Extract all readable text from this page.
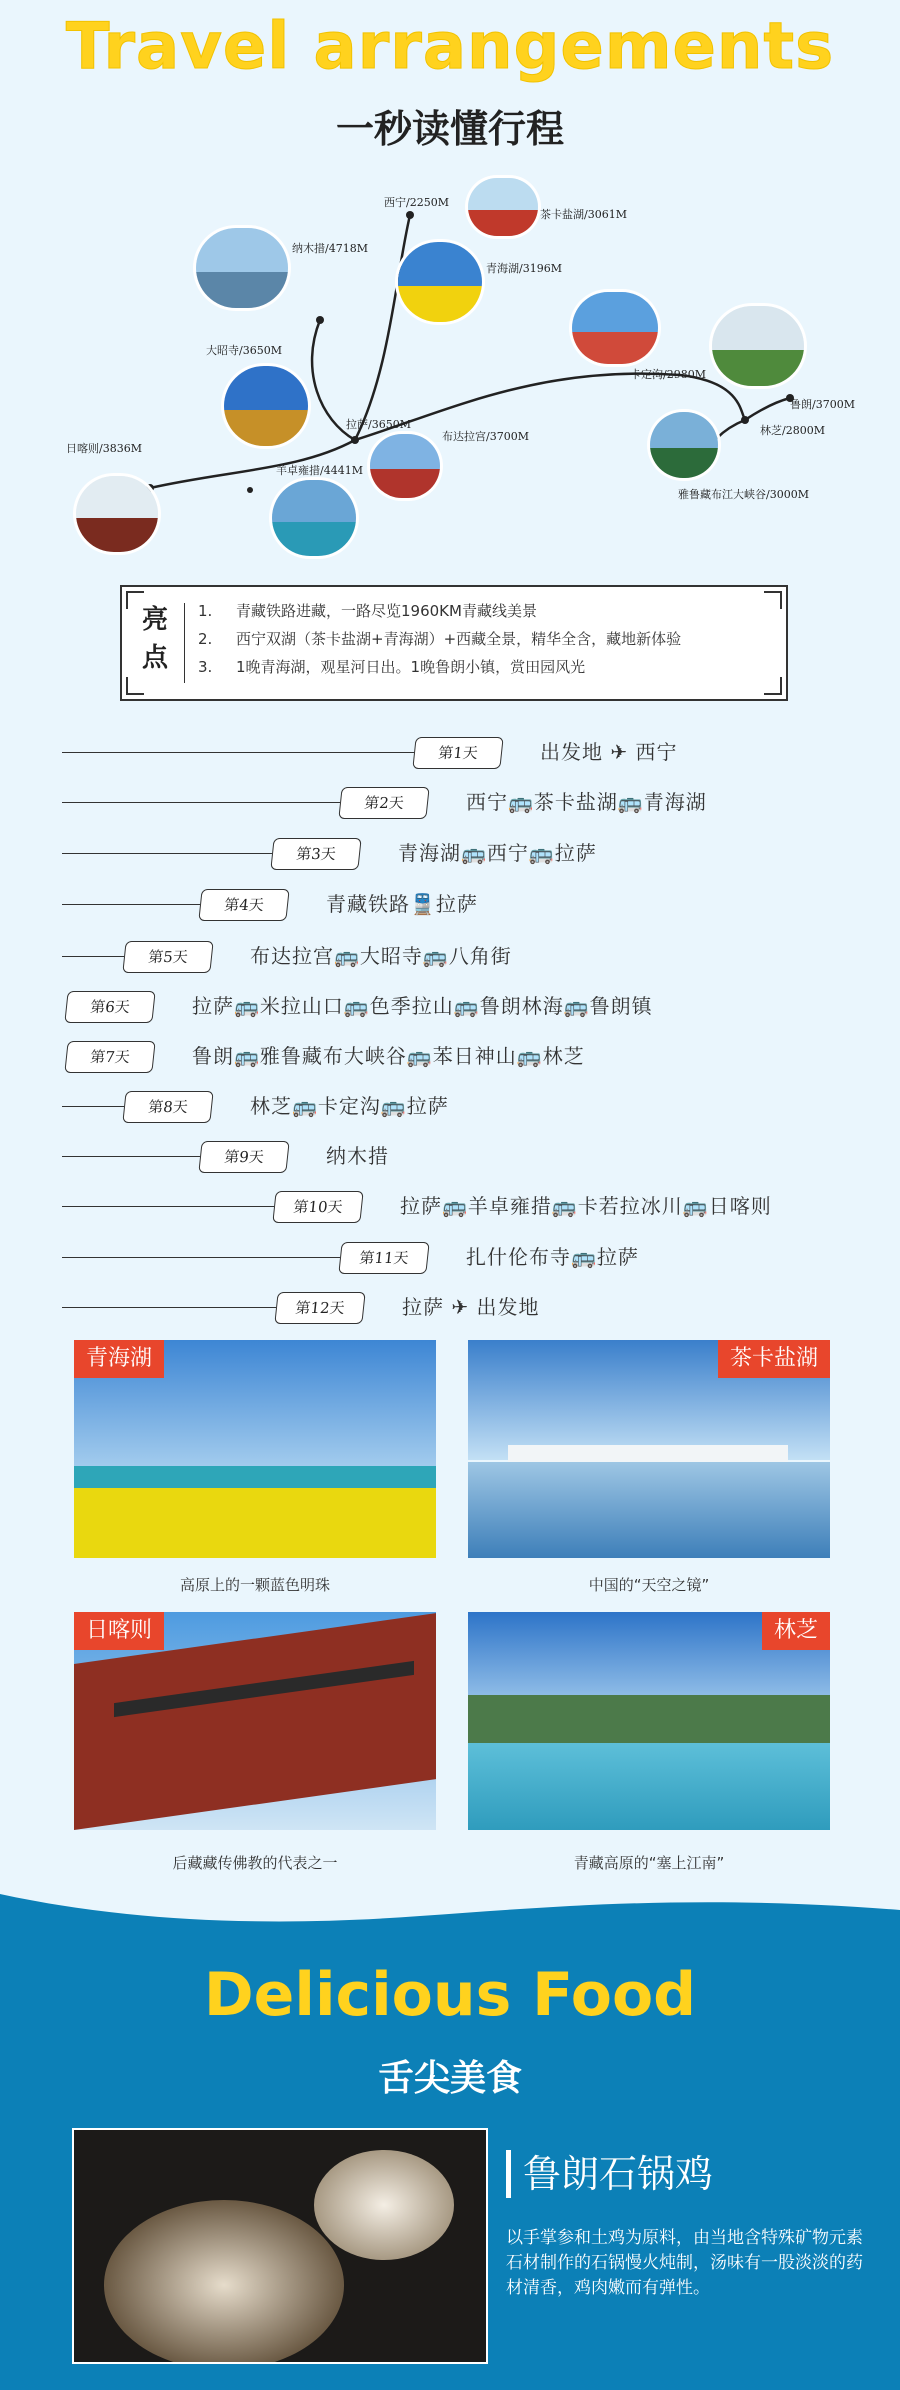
Travel arrangements
一秒读懂行程
西宁/2250M
茶卡盐湖/3061M
纳木措/4718M
青海湖/3196M
大昭寺/3650M
卡定沟/2980M
鲁朗/3700M
林芝/2800M
拉萨/3650M
布达拉宫/3700M
羊卓雍措/4441M
日喀则/3836M
雅鲁藏布江大峡谷/3000M
亮
点
1. 青藏铁路进藏，一路尽览1960KM青藏线美景
2. 西宁双湖（茶卡盐湖+青海湖）+西藏全景，精华全含，藏地新体验
3. 1晚青海湖，观星河日出。1晚鲁朗小镇，赏田园风光
第1天	出发地 ✈ 西宁
第2天	西宁🚌茶卡盐湖🚌青海湖
第3天	青海湖🚌西宁🚌拉萨
第4天	青藏铁路🚆拉萨
第5天	布达拉宫🚌大昭寺🚌八角街
第6天	拉萨🚌米拉山口🚌色季拉山🚌鲁朗林海🚌鲁朗镇
第7天	鲁朗🚌雅鲁藏布大峡谷🚌苯日神山🚌林芝
第8天	林芝🚌卡定沟🚌拉萨
第9天	纳木措
第10天	拉萨🚌羊卓雍措🚌卡若拉冰川🚌日喀则
第11天	扎什伦布寺🚌拉萨
第12天	拉萨 ✈ 出发地
青海湖
高原上的一颗蓝色明珠
茶卡盐湖
中国的“天空之镜”
日喀则
后藏藏传佛教的代表之一
林芝
青藏高原的“塞上江南”
Delicious Food
舌尖美食
鲁朗石锅鸡
以手掌参和土鸡为原料，由当地含特殊矿物元素石材制作的石锅慢火炖制，汤味有一股淡淡的药材清香，鸡肉嫩而有弹性。
